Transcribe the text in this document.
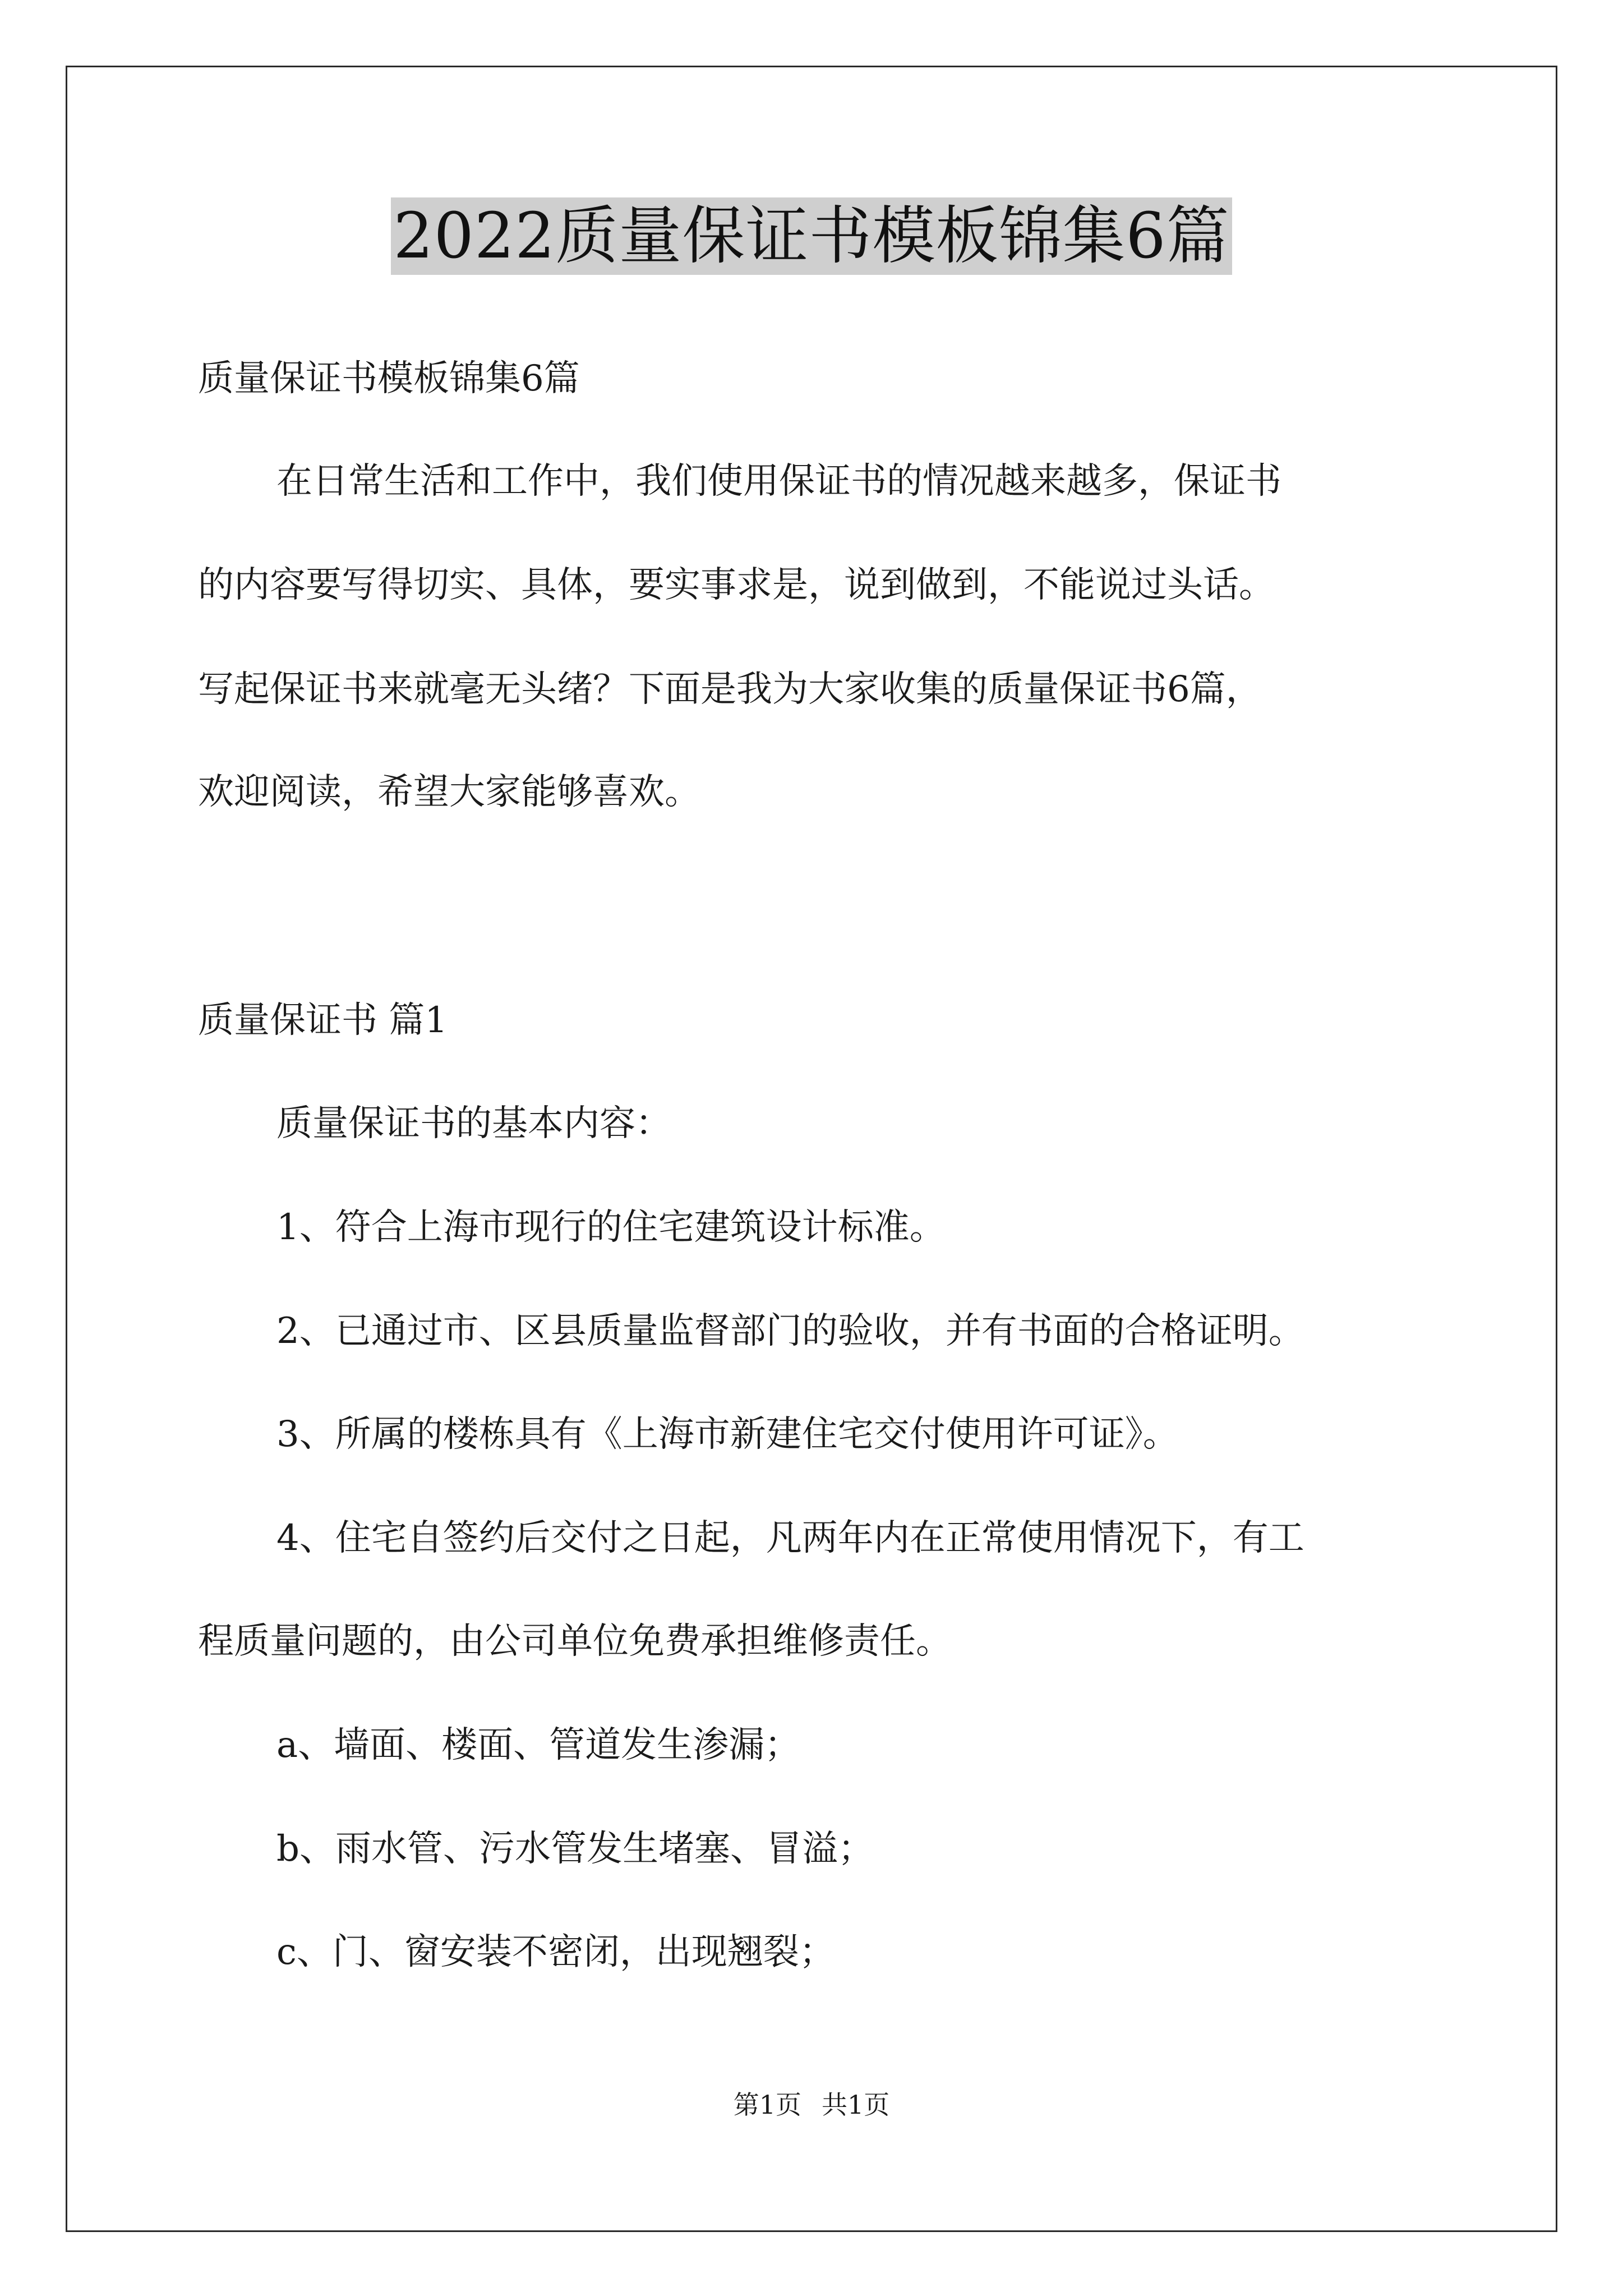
2022质量保证书模板锦集6篇
质量保证书模板锦集6篇
在日常生活和工作中，我们使用保证书的情况越来越多，保证书
的内容要写得切实、具体，要实事求是，说到做到，不能说过头话。
写起保证书来就毫无头绪？下面是我为大家收集的质量保证书6篇，
欢迎阅读，希望大家能够喜欢。
质量保证书 篇1
质量保证书的基本内容：
1、符合上海市现行的住宅建筑设计标准。
2、已通过市、区县质量监督部门的验收，并有书面的合格证明。
3、所属的楼栋具有《上海市新建住宅交付使用许可证》。
4、住宅自签约后交付之日起，凡两年内在正常使用情况下，有工
程质量问题的，由公司单位免费承担维修责任。
a、墙面、楼面、管道发生渗漏；
b、雨水管、污水管发生堵塞、冒溢；
c、门、窗安装不密闭，出现翘裂；
第1页 共1页
